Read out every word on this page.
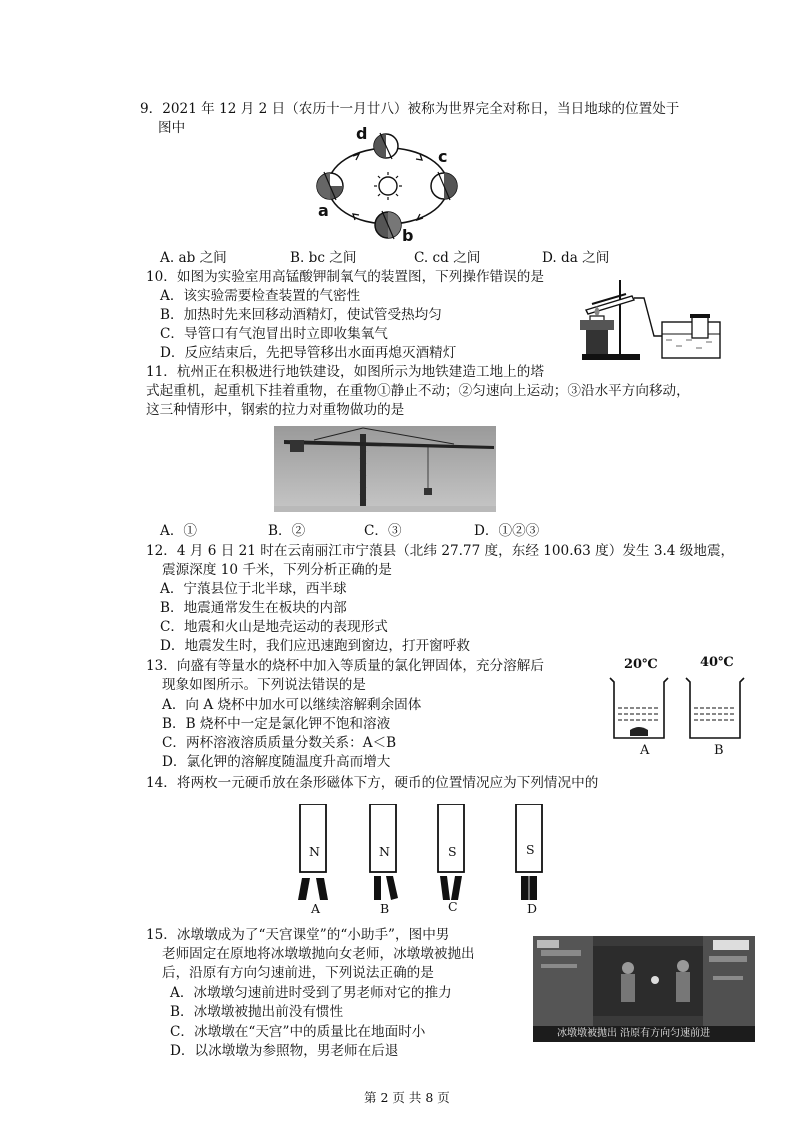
9．2021 年 12 月 2 日（农历十一月廿八）被称为世界完全对称日，当日地球的位置处于
图中	d
c
a
b
A. ab 之间	B. bc 之间	C. cd 之间	D. da 之间
10．如图为实验室用高锰酸钾制氧气的装置图，下列操作错误的是
A．该实验需要检查装置的气密性
B．加热时先来回移动酒精灯，使试管受热均匀
C．导管口有气泡冒出时立即收集氧气
D．反应结束后，先把导管移出水面再熄灭酒精灯
11．杭州正在积极进行地铁建设，如图所示为地铁建造工地上的塔
式起重机，起重机下挂着重物，在重物①静止不动；②匀速向上运动；③沿水平方向移动，
这三种情形中，钢索的拉力对重物做功的是
A．①	B．②	C．③	D．①②③
12．4 月 6 日 21 时在云南丽江市宁蒗县（北纬 27.77 度，东经 100.63 度）发生 3.4 级地震，
震源深度 10 千米，下列分析正确的是
A．宁蒗县位于北半球，西半球
B．地震通常发生在板块的内部
C．地震和火山是地壳运动的表现形式
D．地震发生时，我们应迅速跑到窗边，打开窗呼救
13．向盛有等量水的烧杯中加入等质量的氯化钾固体，充分溶解后
现象如图所示。下列说法错误的是
A．向 A 烧杯中加水可以继续溶解剩余固体
B．B 烧杯中一定是氯化钾不饱和溶液
C．两杯溶液溶质质量分数关系：A＜B
D．氯化钾的溶解度随温度升高而增大
20℃	40℃
A	B
14．将两枚一元硬币放在条形磁体下方，硬币的位置情况应为下列情况中的
N	N	S	S
A	B	C	D
15．冰墩墩成为了“天宫课堂”的“小助手”，图中男
老师固定在原地将冰墩墩抛向女老师，冰墩墩被抛出
后，沿原有方向匀速前进，下列说法正确的是
A．冰墩墩匀速前进时受到了男老师对它的推力
B．冰墩墩被抛出前没有惯性
C．冰墩墩在“天宫”中的质量比在地面时小
D．以冰墩墩为参照物，男老师在后退
冰墩墩被抛出 沿原有方向匀速前进
第 2 页 共 8 页
